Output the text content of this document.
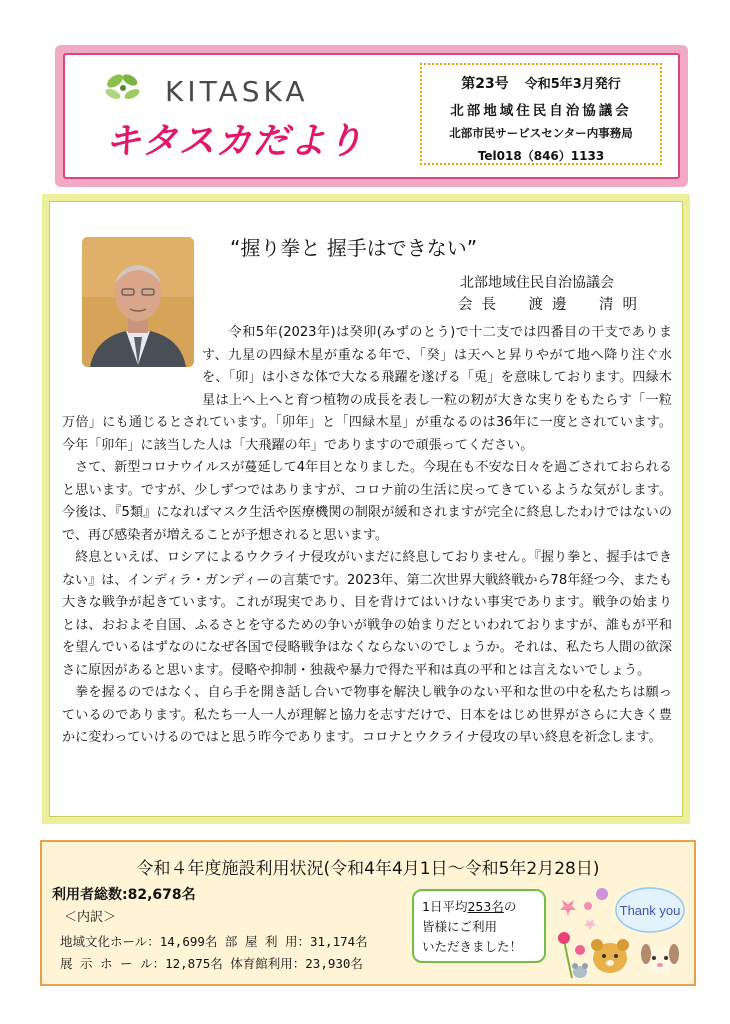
KITASKA
キタスカだより
第23号 令和5年3月発行
北部地域住民自治協議会
北部市民サービスセンター内事務局
Tel018（846）1133
“握り拳と 握手はできない”
北部地域住民自治協議会
会長　渡邊　清明

令和5年(2023年)は癸卯(みずのとう)で十二支では四番目の干支であります、九星の四緑木星が重なる年で、「癸」は天へと昇りやがて地へ降り注ぐ水を、「卯」は小さな体で大なる飛躍を遂げる「兎」を意味しております。四緑木星は上へ上へと育つ植物の成長を表し一粒の籾が大きな実りをもたらす「一粒万倍」にも通じるとされています。「卯年」と「四緑木星」が重なるのは36年に一度とされています。今年「卯年」に該当した人は「大飛躍の年」でありますので頑張ってください。

さて、新型コロナウイルスが蔓延して4年目となりました。今現在も不安な日々を過ごされておられると思います。ですが、少しずつではありますが、コロナ前の生活に戻ってきているような気がします。今後は、『5類』になればマスク生活や医療機関の制限が緩和されますが完全に終息したわけではないので、再び感染者が増えることが予想されると思います。

終息といえば、ロシアによるウクライナ侵攻がいまだに終息しておりません。『握り拳と、握手はできない』は、インディラ・ガンディーの言葉です。2023年、第二次世界大戦終戦から78年経つ今、またも大きな戦争が起きています。これが現実であり、目を背けてはいけない事実であります。戦争の始まりとは、おおよそ自国、ふるさとを守るための争いが戦争の始まりだといわれておりますが、誰もが平和を望んでいるはずなのになぜ各国で侵略戦争はなくならないのでしょうか。それは、私たち人間の欲深さに原因があると思います。侵略や抑制・独裁や暴力で得た平和は真の平和とは言えないでしょう。

拳を握るのではなく、自ら手を開き話し合いで物事を解決し戦争のない平和な世の中を私たちは願っているのであります。私たち一人一人が理解と協力を志すだけで、日本をはじめ世界がさらに大きく豊かに変わっていけるのではと思う昨今であります。コロナとウクライナ侵攻の早い終息を祈念します。

令和４年度施設利用状況(令和4年4月1日～令和5年2月28日)
利用者総数:82,678名
＜内訳＞
地域文化ホール：14,699名 部 屋 利 用：31,174名
展 示 ホ ー ル：12,875名 体育館利用：23,930名
1日平均253名の
皆様にご利用
いただきました！
Thank you
